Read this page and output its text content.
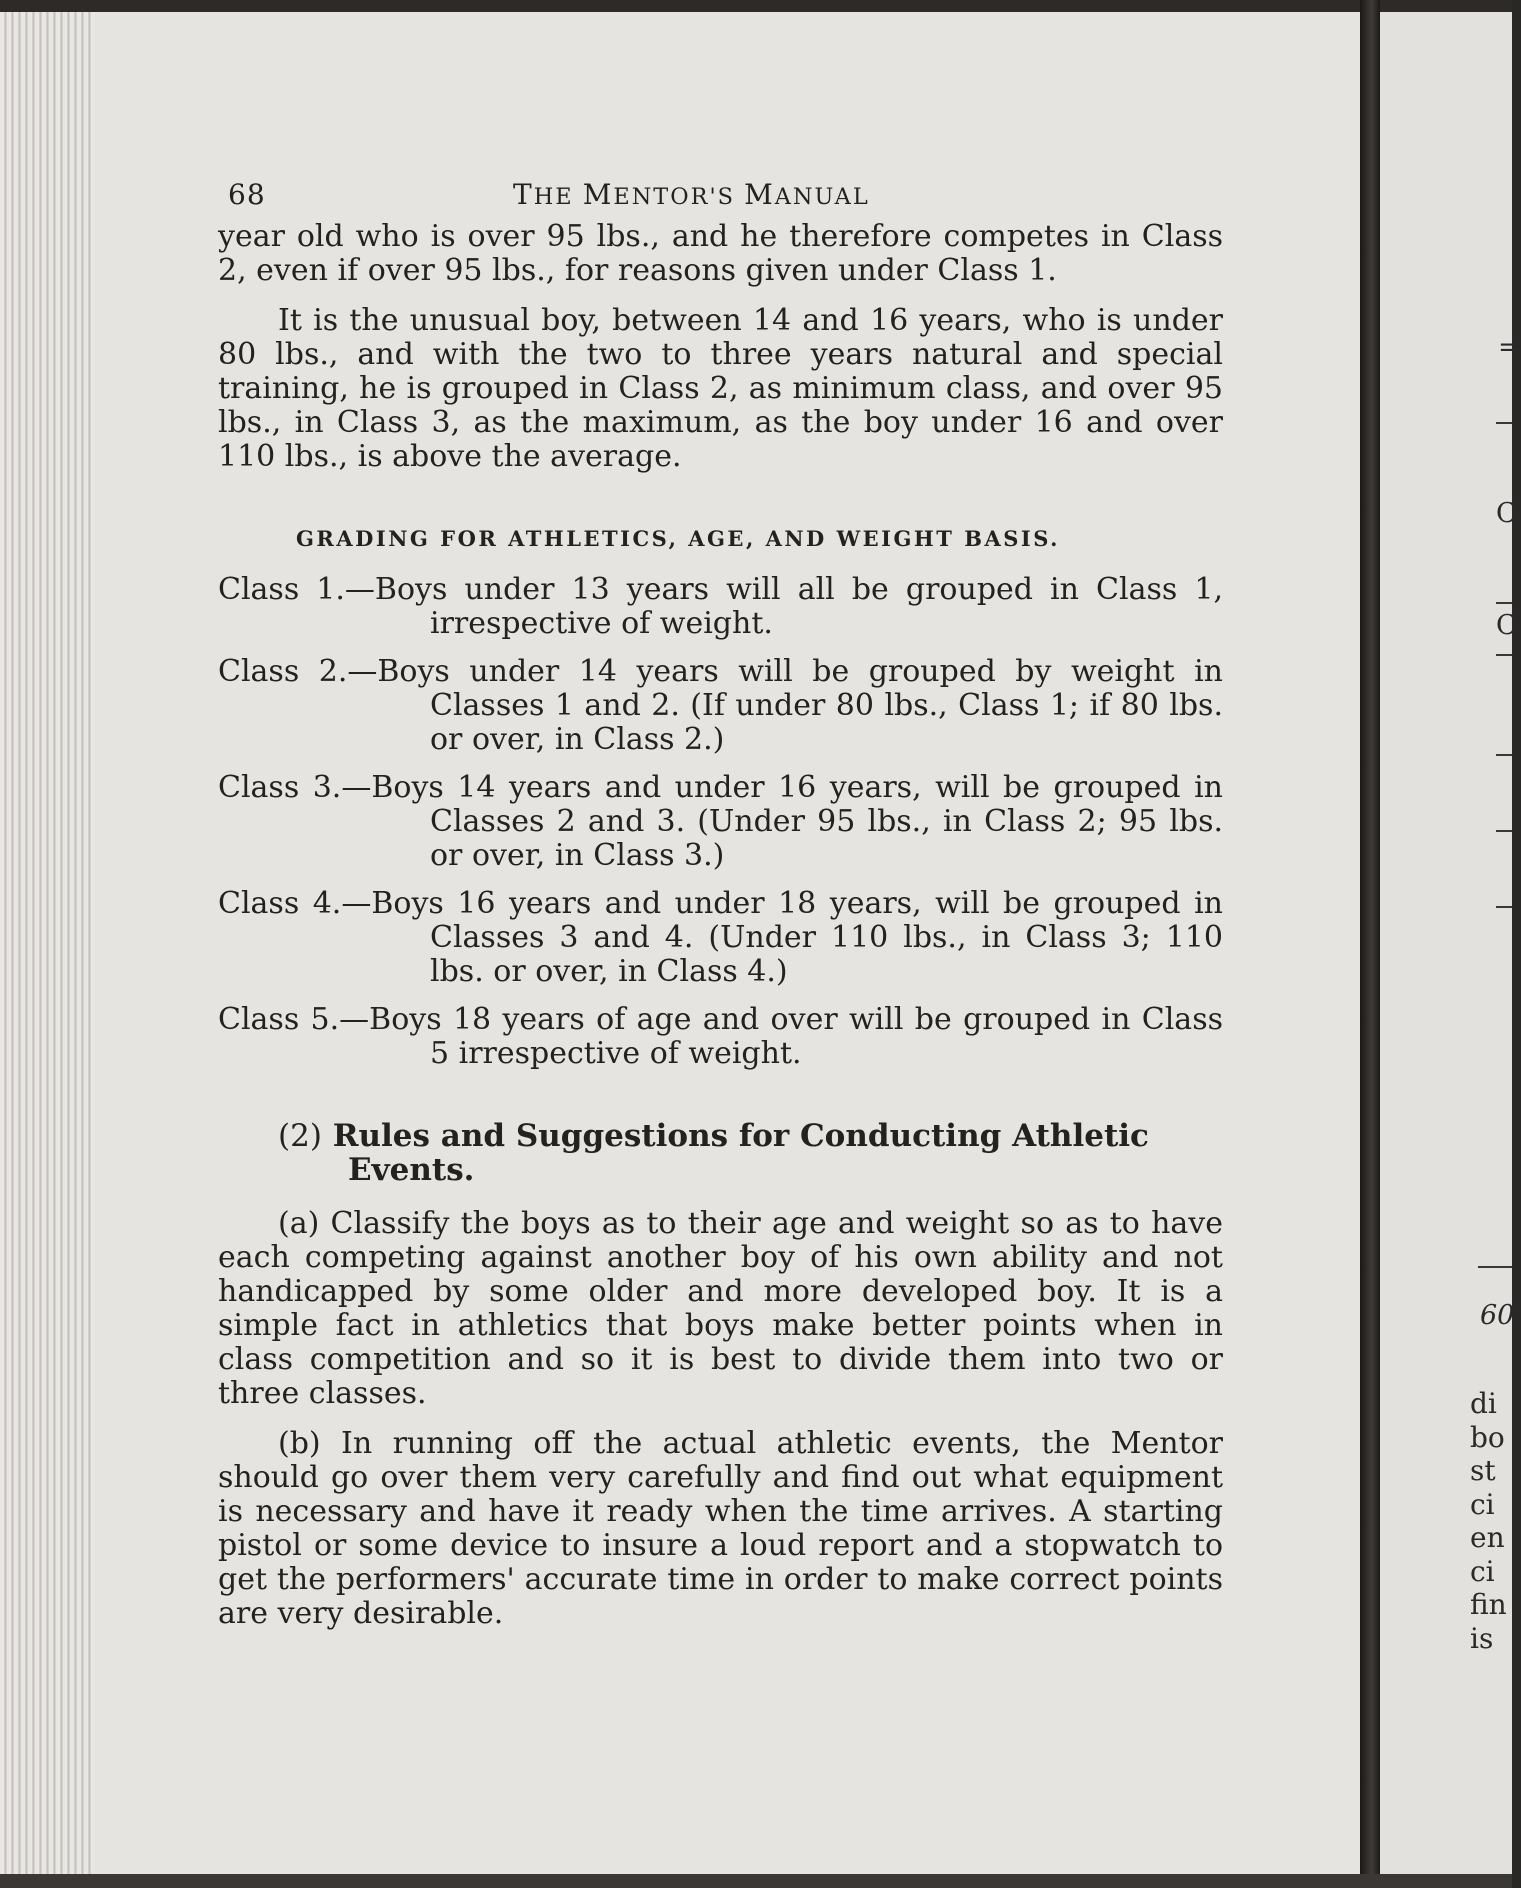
68	THE MENTOR'S MANUAL

year old who is over 95 lbs., and he therefore competes in Class 2, even if over 95 lbs., for reasons given under Class 1.

It is the unusual boy, between 14 and 16 years, who is under 80 lbs., and with the two to three years natural and special training, he is grouped in Class 2, as minimum class, and over 95 lbs., in Class 3, as the maximum, as the boy under 16 and over 110 lbs., is above the average.

GRADING FOR ATHLETICS, AGE, AND WEIGHT BASIS.
Class 1.—Boys under 13 years will all be grouped in Class 1, irrespective of weight.
Class 2.—Boys under 14 years will be grouped by weight in Classes 1 and 2. (If under 80 lbs., Class 1; if 80 lbs. or over, in Class 2.)
Class 3.—Boys 14 years and under 16 years, will be grouped in Classes 2 and 3. (Under 95 lbs., in Class 2; 95 lbs. or over, in Class 3.)
Class 4.—Boys 16 years and under 18 years, will be grouped in Classes 3 and 4. (Under 110 lbs., in Class 3; 110 lbs. or over, in Class 4.)
Class 5.—Boys 18 years of age and over will be grouped in Class 5 irrespective of weight.
(2) Rules and Suggestions for Conducting Athletic Events.

(a) Classify the boys as to their age and weight so as to have each competing against another boy of his own ability and not handicapped by some older and more developed boy. It is a simple fact in athletics that boys make better points when in class competition and so it is best to divide them into two or three classes.

(b) In running off the actual athletic events, the Mentor should go over them very carefully and find out what equipment is necessary and have it ready when the time arrives. A starting pistol or some device to insure a loud report and a stopwatch to get the performers' accurate time in order to make correct points are very desirable.

=
C
C
60
di
bo
st
ci
en
ci
fin
is
